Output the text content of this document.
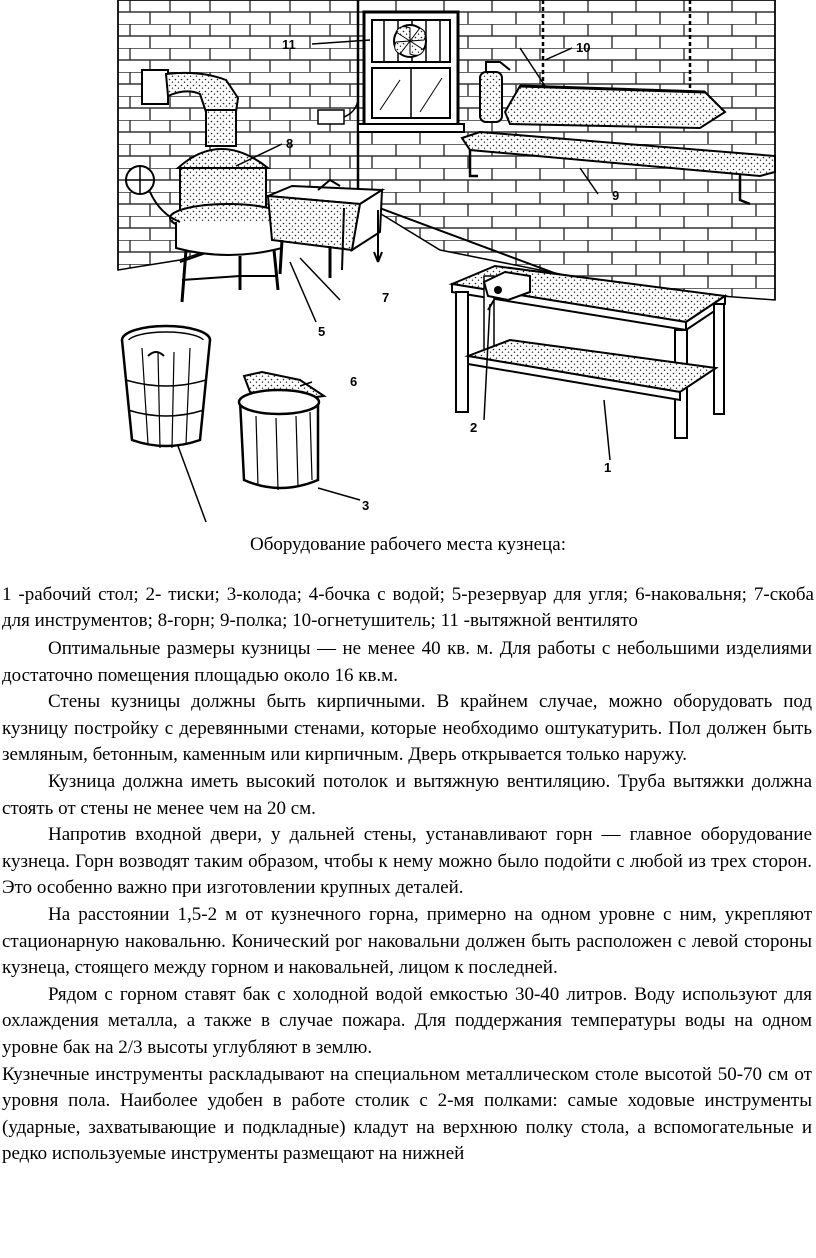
11	10
8
9
7
5
6
2
1
3

Оборудование рабочего места кузнеца:

1 -рабочий стол; 2- тиски; 3-колода; 4-бочка с водой; 5-резервуар для угля; 6-наковальня; 7-скоба для инструментов; 8-горн; 9-полка; 10-огнетушитель; 11 -вытяжной вентилято

Оптимальные размеры кузницы — не менее 40 кв. м. Для работы с небольшими изделиями достаточно помещения площадью около 16 кв.м.

Стены кузницы должны быть кирпичными. В крайнем случае, можно оборудовать под кузницу постройку с деревянными стенами, которые необходимо оштукатурить. Пол должен быть земляным, бетонным, каменным или кирпичным. Дверь открывается только наружу.

Кузница должна иметь высокий потолок и вытяжную вентиляцию. Труба вытяжки должна стоять от стены не менее чем на 20 см.

Напротив входной двери, у дальней стены, устанавливают горн — главное оборудование кузнеца. Горн возводят таким образом, чтобы к нему можно было подойти с любой из трех сторон. Это особенно важно при изготовлении крупных деталей.

На расстоянии 1,5-2 м от кузнечного горна, примерно на одном уровне с ним, укрепляют стационарную наковальню. Конический рог наковальни должен быть расположен с левой стороны кузнеца, стоящего между горном и наковальней, лицом к последней.

Рядом с горном ставят бак с холодной водой емкостью 30-40 литров. Воду используют для охлаждения металла, а также в случае пожара. Для поддержания температуры воды на одном уровне бак на 2/3 высоты углубляют в землю.

Кузнечные инструменты раскладывают на специальном металлическом столе высотой 50-70 см от уровня пола. Наиболее удобен в работе столик с 2-мя полками: самые ходовые инструменты (ударные, захватывающие и подкладные) кладут на верхнюю полку стола, а вспомогательные и редко используемые инструменты размещают на нижней
